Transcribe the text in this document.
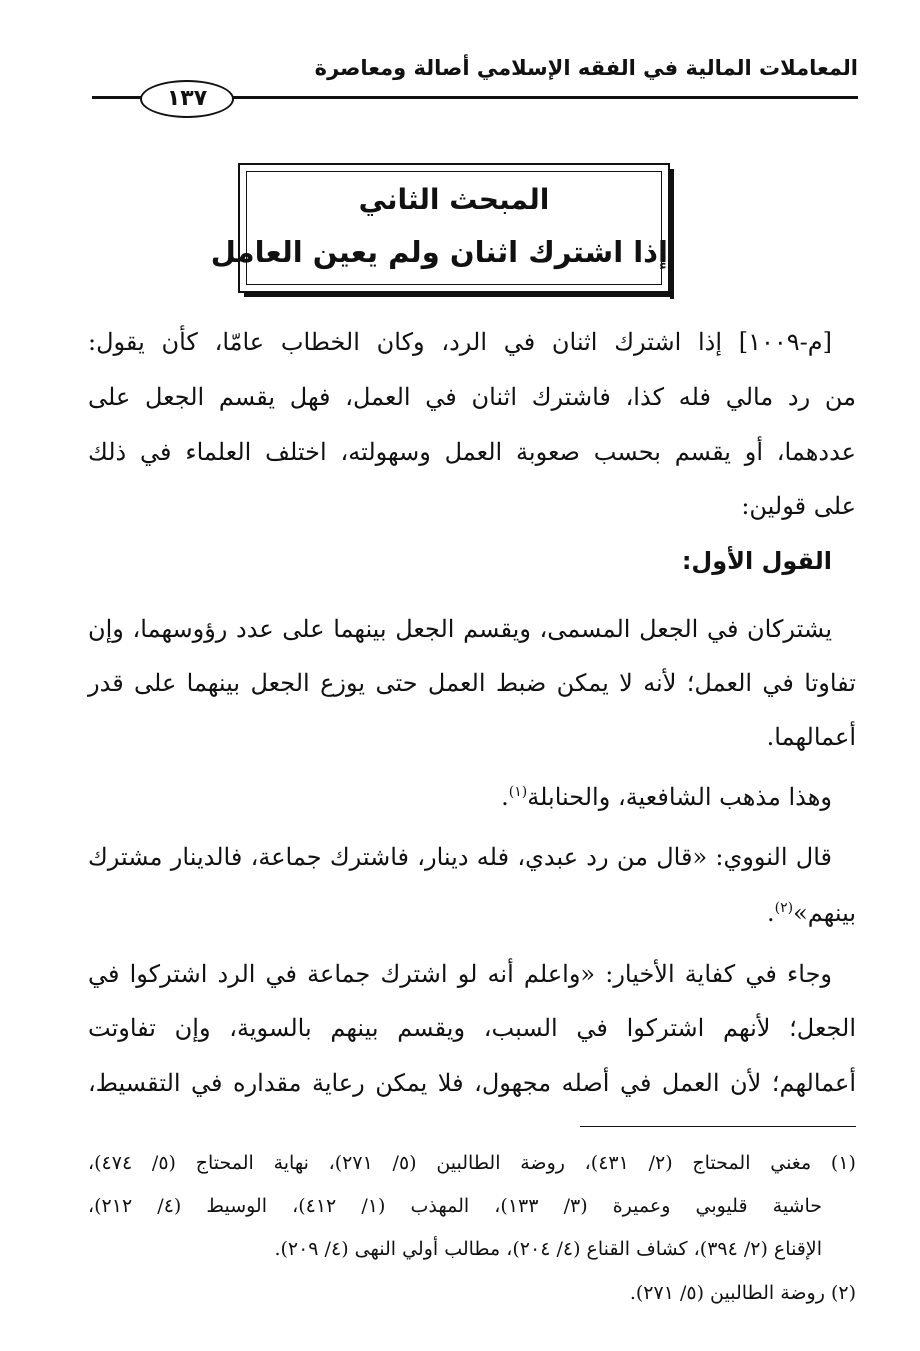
المعاملات المالية في الفقه الإسلامي أصالة ومعاصرة
١٣٧
المبحث الثاني
إذا اشترك اثنان ولم يعين العامل
[م-١٠٠٩] إذا اشترك اثنان في الرد، وكان الخطاب عامّا، كأن يقول:
من رد مالي فله كذا، فاشترك اثنان في العمل، فهل يقسم الجعل على
عددهما، أو يقسم بحسب صعوبة العمل وسهولته، اختلف العلماء في ذلك
على قولين:
القول الأول:
يشتركان في الجعل المسمى، ويقسم الجعل بينهما على عدد رؤوسهما، وإن
تفاوتا في العمل؛ لأنه لا يمكن ضبط العمل حتى يوزع الجعل بينهما على قدر
أعمالهما.
وهذا مذهب الشافعية، والحنابلة$^{(١)}$.
قال النووي: «قال من رد عبدي، فله دينار، فاشترك جماعة، فالدينار مشترك
بينهم»$^{(٢)}$.
وجاء في كفاية الأخيار: «واعلم أنه لو اشترك جماعة في الرد اشتركوا في
الجعل؛ لأنهم اشتركوا في السبب، ويقسم بينهم بالسوية، وإن تفاوتت
أعمالهم؛ لأن العمل في أصله مجهول، فلا يمكن رعاية مقداره في التقسيط،
(١) مغني المحتاج (٢/ ٤٣١)، روضة الطالبين (٥/ ٢٧١)، نهاية المحتاج (٥/ ٤٧٤)،
حاشية قليوبي وعميرة (٣/ ١٣٣)، المهذب (١/ ٤١٢)، الوسيط (٤/ ٢١٢)،
الإقناع (٢/ ٣٩٤)، كشاف القناع (٤/ ٢٠٤)، مطالب أولي النهى (٤/ ٢٠٩).
(٢) روضة الطالبين (٥/ ٢٧١).
